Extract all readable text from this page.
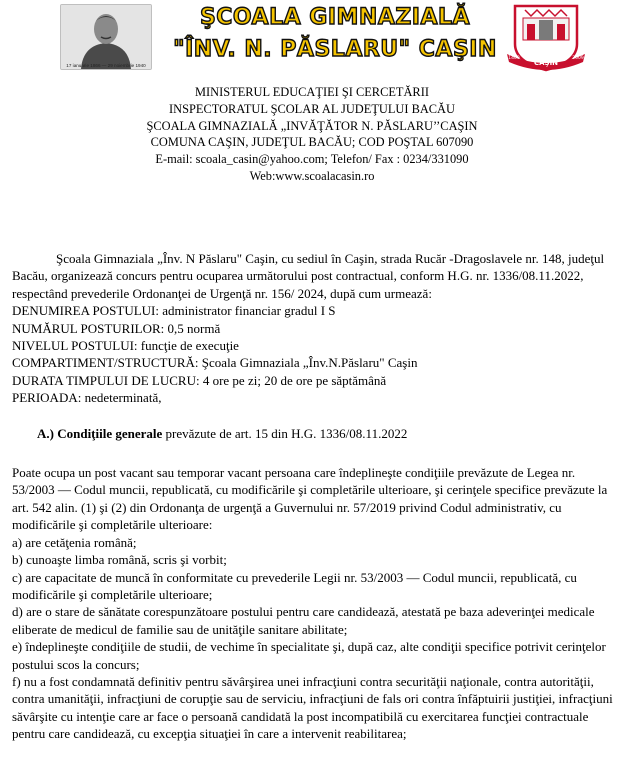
17 ianuarie 1866 — 29 noiembrie 1940
ŞCOALA GIMNAZIALĂ
"ÎNV. N. PĂSLARU" CAŞIN
CAŞIN
1409	2009
MINISTERUL EDUCAŢIEI ŞI CERCETĂRII
INSPECTORATUL ŞCOLAR AL JUDEŢULUI BACĂU
ŞCOALA GIMNAZIALĂ „INVĂŢĂTOR N. PĂSLARU’’CAŞIN
COMUNA CAŞIN, JUDEŢUL BACĂU; COD POŞTAL 607090
E-mail: scoala_casin@yahoo.com; Telefon/ Fax : 0234/331090
Web:www.scoalacasin.ro

Şcoala Gimnaziala „Înv. N Păslaru" Caşin, cu sediul în Caşin, strada Rucăr -Dragoslavele nr. 148, judeţul Bacău, organizează concurs pentru ocuparea următorului post contractual, conform H.G. nr. 1336/08.11.2022, respectând prevederile Ordonanţei de Urgenţă nr. 156/ 2024, după cum urmează:

DENUMIREA POSTULUI: administrator financiar gradul I S

NUMĂRUL POSTURILOR: 0,5 normă

NIVELUL POSTULUI: funcţie de execuţie

COMPARTIMENT/STRUCTURĂ: Şcoala Gimnaziala „Înv.N.Păslaru" Caşin

DURATA TIMPULUI DE LUCRU: 4 ore pe zi; 20 de ore pe săptămână

PERIOADA: nedeterminată,

A.) Condiţiile generale prevăzute de art. 15 din H.G. 1336/08.11.2022

Poate ocupa un post vacant sau temporar vacant persoana care îndeplineşte condiţiile prevăzute de Legea nr. 53/2003 — Codul muncii, republicată, cu modificările şi completările ulterioare, şi cerinţele specifice prevăzute la art. 542 alin. (1) şi (2) din Ordonanţa de urgenţă a Guvernului nr. 57/2019 privind Codul administrativ, cu modificările şi completările ulterioare:

a) are cetăţenia română;

b) cunoaşte limba română, scris şi vorbit;

c) are capacitate de muncă în conformitate cu prevederile Legii nr. 53/2003 — Codul muncii, republicată, cu modificările şi completările ulterioare;

d) are o stare de sănătate corespunzătoare postului pentru care candidează, atestată pe baza adeverinţei medicale eliberate de medicul de familie sau de unităţile sanitare abilitate;

e) îndeplineşte condiţiile de studii, de vechime în specialitate şi, după caz, alte condiţii specifice potrivit cerinţelor postului scos la concurs;

f) nu a fost condamnată definitiv pentru săvârşirea unei infracţiuni contra securităţii naţionale, contra autorităţii, contra umanităţii, infracţiuni de corupţie sau de serviciu, infracţiuni de fals ori contra înfăptuirii justiţiei, infracţiuni săvârşite cu intenţie care ar face o persoană candidată la post incompatibilă cu exercitarea funcţiei contractuale pentru care candidează, cu excepţia situaţiei în care a intervenit reabilitarea;
